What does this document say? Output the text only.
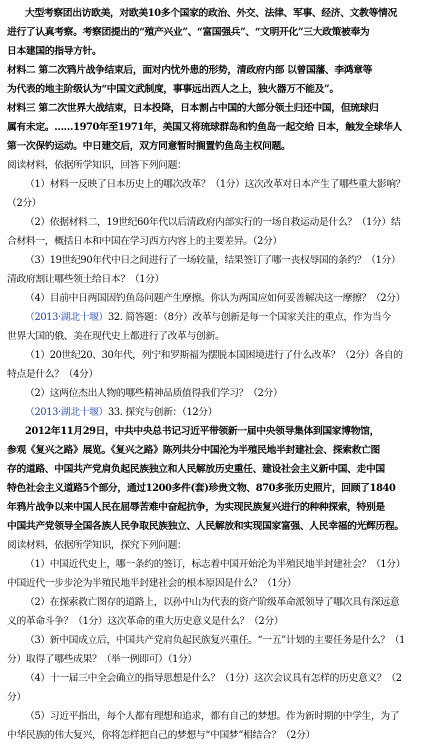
大型考察团出访欧美，对欧美10多个国家的政治、外交、法律、军事、经济、文教等情况
进行了认真考察。考察团提出的“殖产兴业”、“富国强兵”、“文明开化”三大政策被奉为
日本建国的指导方针。
材料二 第二次鸦片战争结束后，面对内忧外患的形势，清政府内部 以曾国藩、李鸿章等
为代表的地主阶级认为“中国文武制度，事事远出西人之上，独火器万不能及”。
材料三 第二次世界大战结束，日本投降，日本割占中国的大部分领土归还中国，但琉球归
属有未定。……1970年至1971年，美国又将琉球群岛和钓鱼岛一起交给 日本，触发全球华人
第一次保钓运动。中日建交后，双方同意暂时搁置钓鱼岛主权问题。
阅读材料，依据所学知识，回答下列问题：
（1）材料一反映了日本历史上的哪次改革？（1分）这次改革对日本产生了哪些重大影响？
（2分）
（2）依据材料二，19世纪60年代以后清政府内部实行的一场自救运动是什么？（1分）结
合材料一，概括日本和中国在学习西方内容上的主要差异。（2分）
（3）19世纪90年代中日之间进行了一场较量，结果签订了哪一丧权辱国的条约？（1分）
清政府割让哪些领土给日本？（1分）
（4）目前中日两国因钓鱼岛问题产生摩擦。你认为两国应如何妥善解决这一摩擦？（2分）
（2013·湖北十堰）32. 简答题：（8分）改革与创新是每一个国家关注的重点，作为当今
世界大国的俄、美在现代史上都进行了改革与创新。
（1）20世纪20、30年代，列宁和罗斯福为摆脱本国困境进行了什么改革？（2分）各自的
特点是什么？（4分）
（2）这两位杰出人物的哪些精神品质值得我们学习？（2分）
（2013·湖北十堰）33. 探究与创新：（12分）
2012年11月29日，中共中央总书记习近平带领新一届中央领导集体到国家博物馆，
参观《复兴之路》展览。《复兴之路》陈列共分中国沦为半殖民地半封建社会、探索救亡图
存的道路、中国共产党肩负起民族独立和人民解放历史重任、建设社会主义新中国、走中国
特色社会主义道路5个部分，通过1200多件(套)珍贵文物、870多张历史照片，回顾了1840
年鸦片战争以来中国人民在屈辱苦难中奋起抗争，为实现民族复兴进行的种种探索，特别是
中国共产党领导全国各族人民争取民族独立、人民解放和实现国家富强、人民幸福的光辉历程。
阅读材料，依据所学知识，探究下列问题：
（1）中国近代史上，哪一条约的签订，标志着中国开始沦为半殖民地半封建社会？（1分）
中国近代一步步沦为半殖民地半封建社会的根本原因是什么？（1分）
（2）在探索救亡图存的道路上，以孙中山为代表的资产阶级革命派领导了哪次具有深远意
义的革命斗争？（1分）这次革命的重大历史意义是什么？（2分）
（3）新中国成立后，中国共产党肩负起民族复兴重任。“一五”计划的主要任务是什么？（1
分）取得了哪些成果？（举一例即可）（1分）
（4）十一届三中全会确立的指导思想是什么？（1分）这次会议具有怎样的历史意义？（2
分）
（5）习近平指出，每个人都有理想和追求，都有自己的梦想。作为新时期的中学生，为了
中华民族的伟大复兴，你将怎样把自己的梦想与“中国梦”相结合？（2分）
